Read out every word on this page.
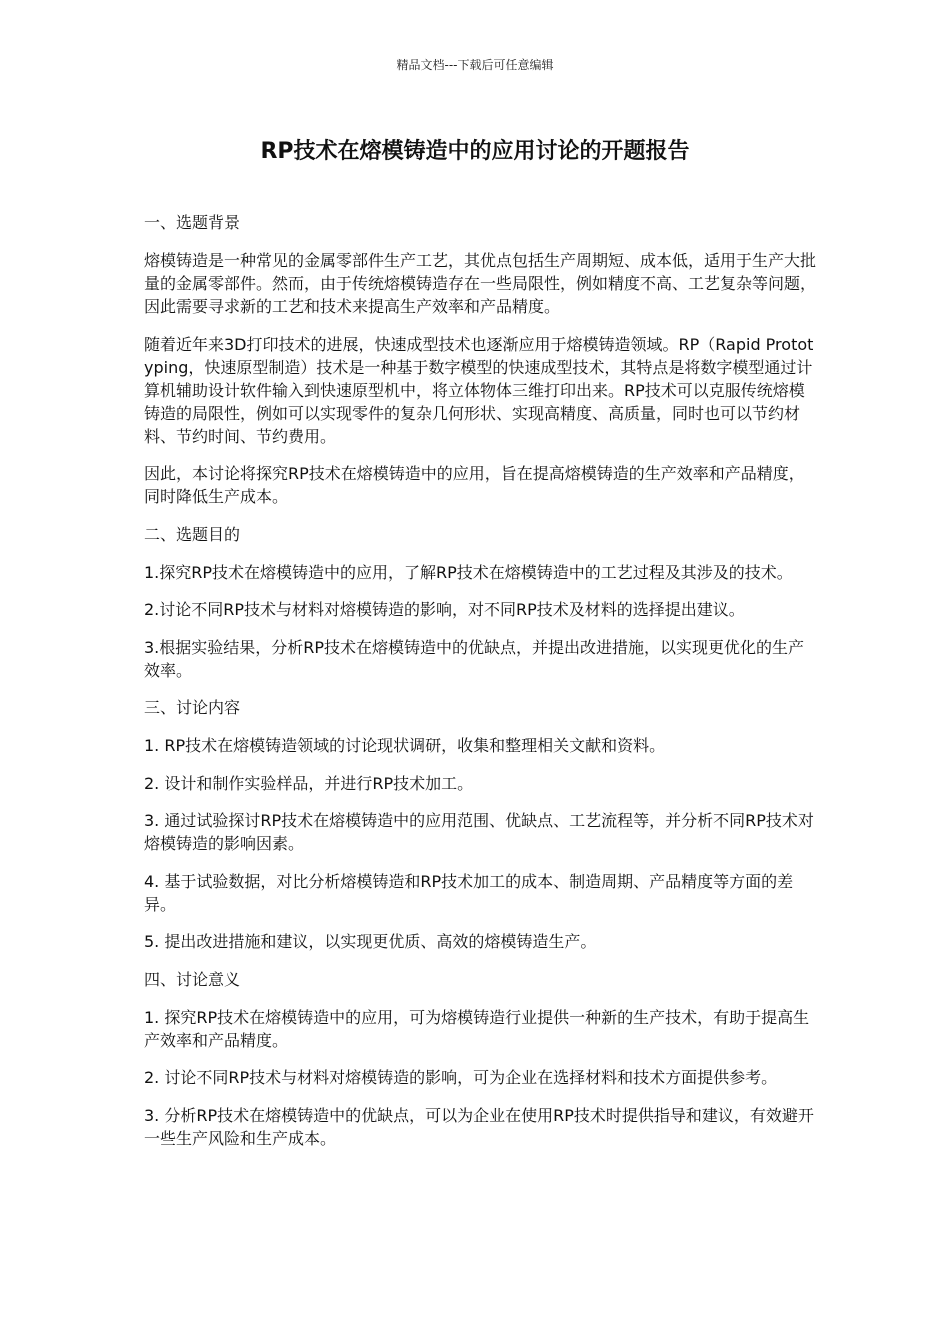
精品文档---下载后可任意编辑
RP技术在熔模铸造中的应用讨论的开题报告

一、选题背景

熔模铸造是一种常见的金属零部件生产工艺，其优点包括生产周期短、成本低，适用于生产大批量的金属零部件。然而，由于传统熔模铸造存在一些局限性，例如精度不高、工艺复杂等问题，因此需要寻求新的工艺和技术来提高生产效率和产品精度。

随着近年来3D打印技术的进展，快速成型技术也逐渐应用于熔模铸造领域。RP（Rapid Prototyping，快速原型制造）技术是一种基于数字模型的快速成型技术，其特点是将数字模型通过计算机辅助设计软件输入到快速原型机中，将立体物体三维打印出来。RP技术可以克服传统熔模铸造的局限性，例如可以实现零件的复杂几何形状、实现高精度、高质量，同时也可以节约材料、节约时间、节约费用。

因此，本讨论将探究RP技术在熔模铸造中的应用，旨在提高熔模铸造的生产效率和产品精度，同时降低生产成本。

二、选题目的

1.探究RP技术在熔模铸造中的应用，了解RP技术在熔模铸造中的工艺过程及其涉及的技术。

2.讨论不同RP技术与材料对熔模铸造的影响，对不同RP技术及材料的选择提出建议。

3.根据实验结果，分析RP技术在熔模铸造中的优缺点，并提出改进措施，以实现更优化的生产效率。

三、讨论内容

1. RP技术在熔模铸造领域的讨论现状调研，收集和整理相关文献和资料。

2. 设计和制作实验样品，并进行RP技术加工。

3. 通过试验探讨RP技术在熔模铸造中的应用范围、优缺点、工艺流程等，并分析不同RP技术对熔模铸造的影响因素。

4. 基于试验数据，对比分析熔模铸造和RP技术加工的成本、制造周期、产品精度等方面的差异。

5. 提出改进措施和建议，以实现更优质、高效的熔模铸造生产。

四、讨论意义

1. 探究RP技术在熔模铸造中的应用，可为熔模铸造行业提供一种新的生产技术，有助于提高生产效率和产品精度。

2. 讨论不同RP技术与材料对熔模铸造的影响，可为企业在选择材料和技术方面提供参考。

3. 分析RP技术在熔模铸造中的优缺点，可以为企业在使用RP技术时提供指导和建议，有效避开一些生产风险和生产成本。
